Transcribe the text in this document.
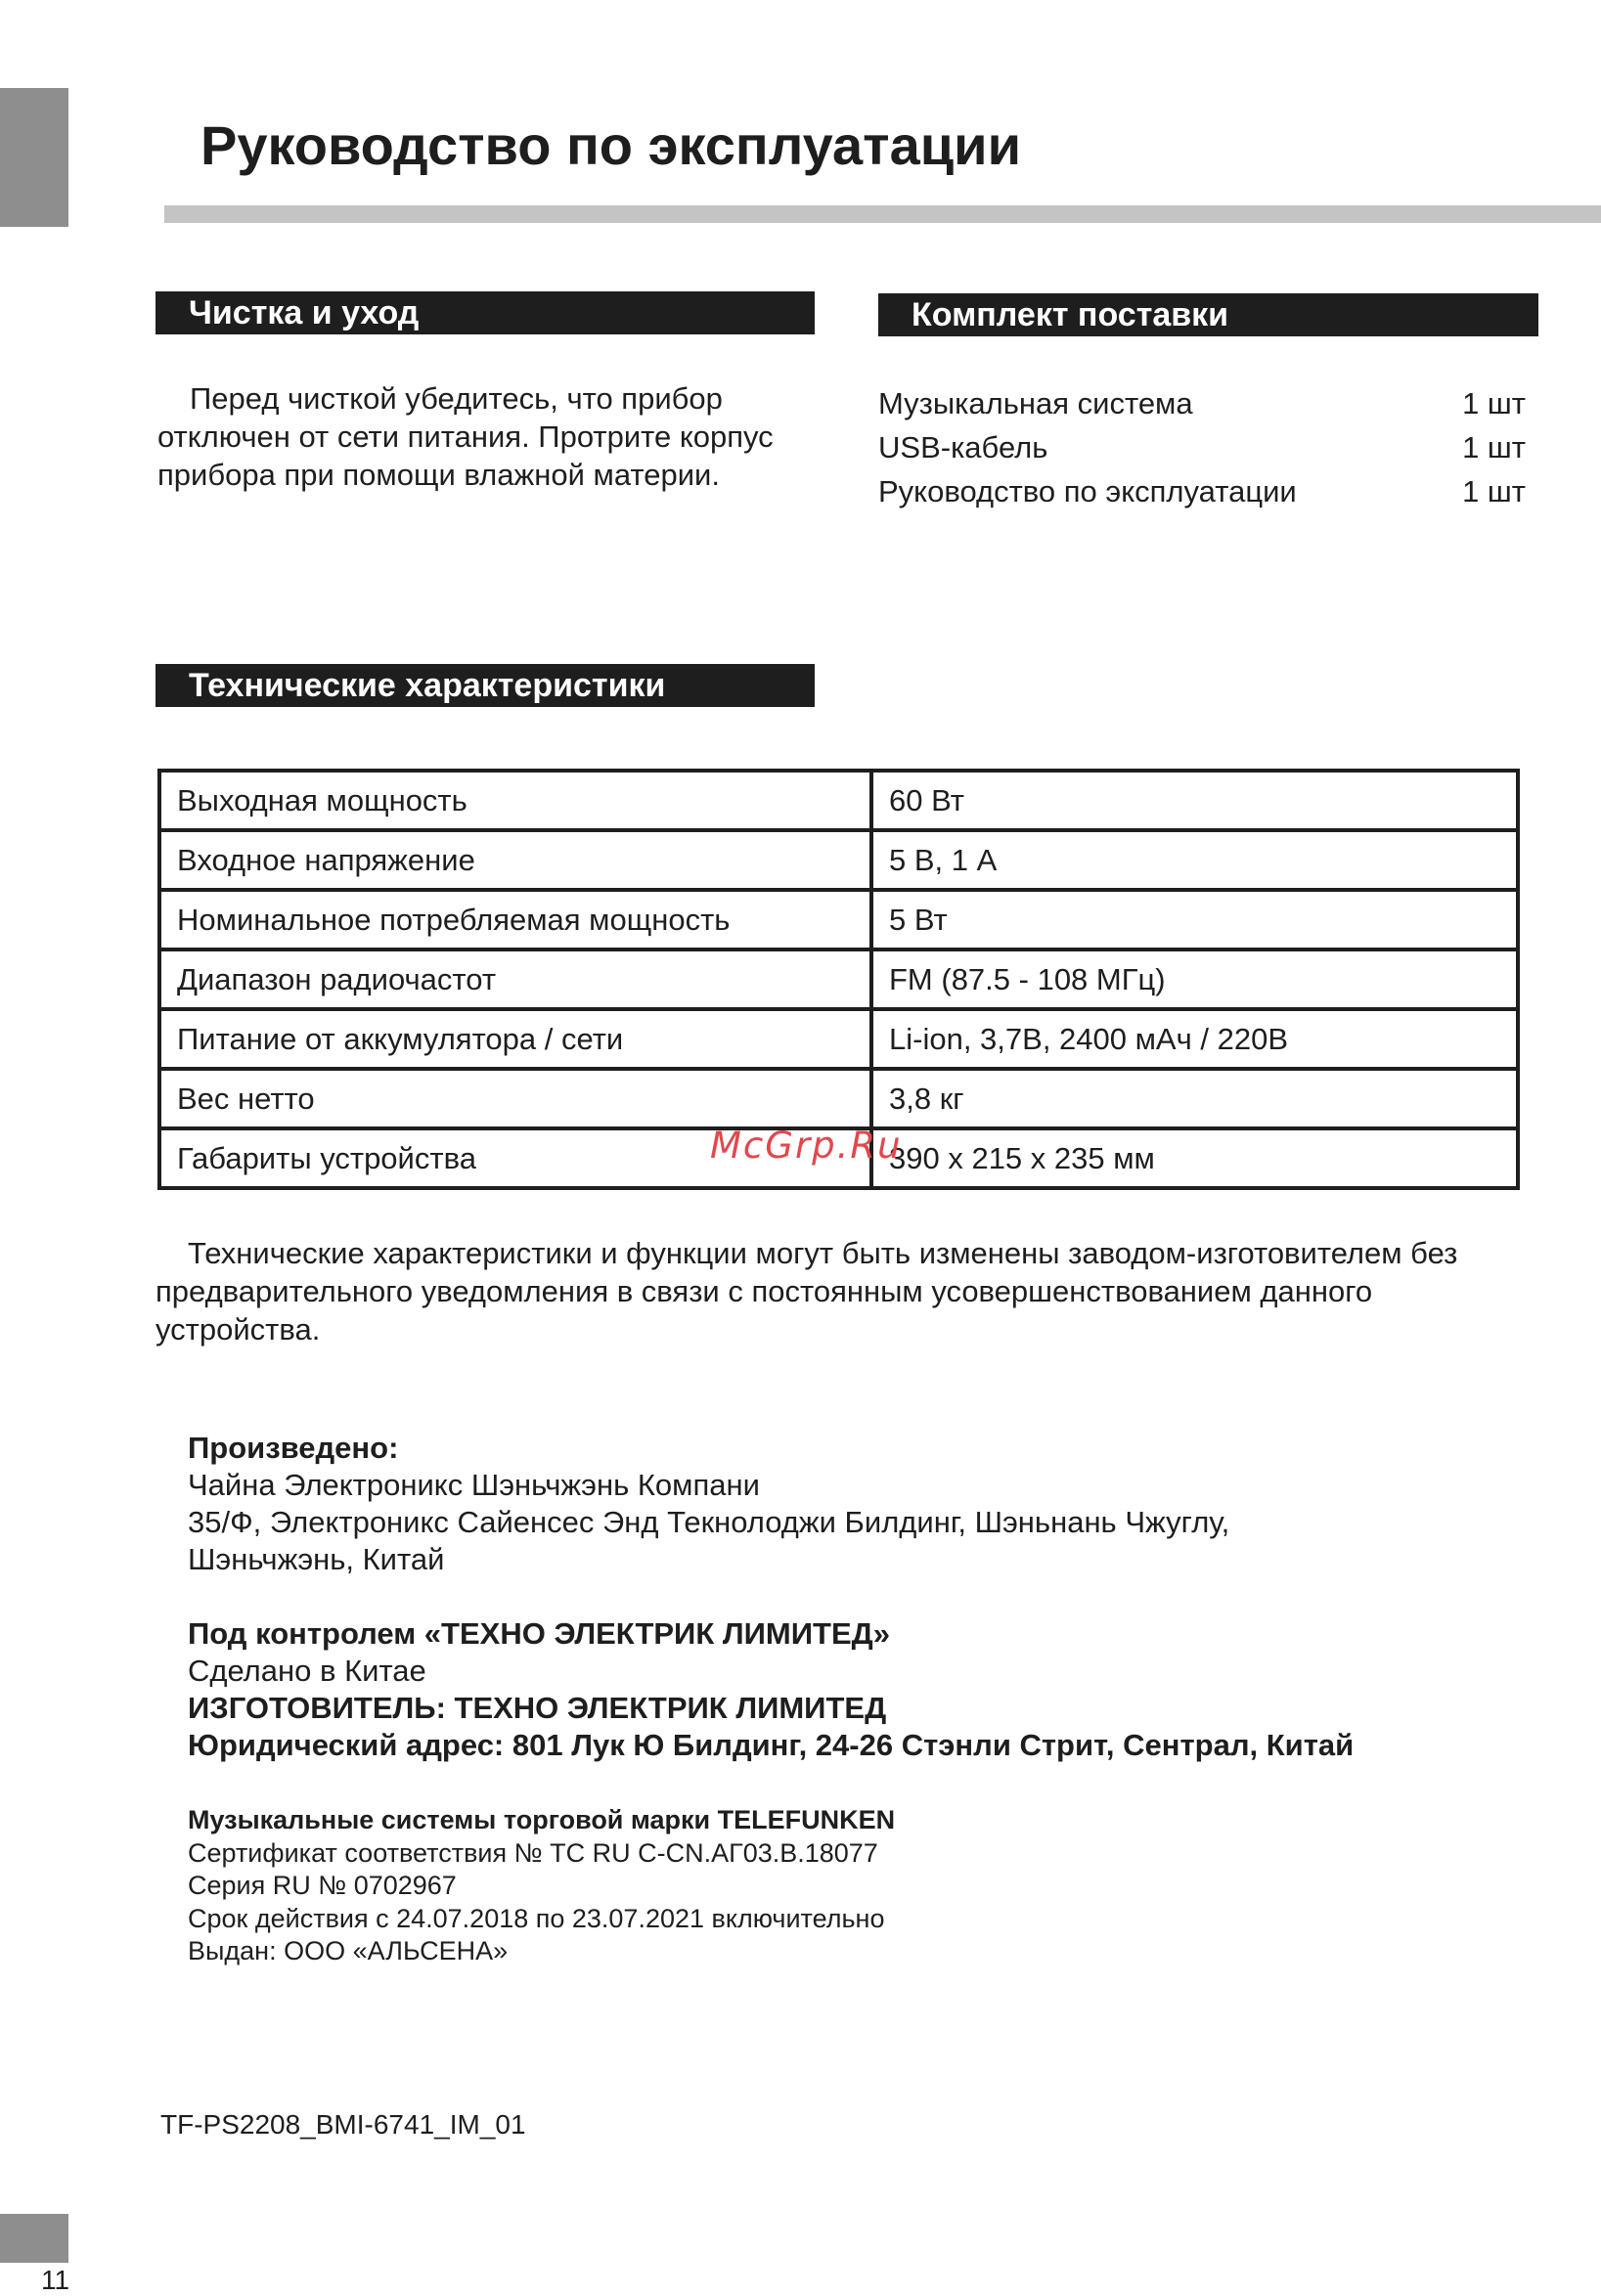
Руководство по эксплуатации
Чистка и уход

Перед чисткой убедитесь, что прибор отключен от сети питания. Протрите корпус прибора при помощи влажной материи.

Комплект поставки
Музыкальная система	1 шт
USB-кабель	1 шт
Руководство по эксплуатации	1 шт
Технические характеристики
Выходная мощность	60 Вт
Входное напряжение	5 В, 1 А
Номинальное потребляемая мощность	5 Вт
Диапазон радиочастот	FM (87.5 - 108 МГц)
Питание от аккумулятора / сети	Li-ion, 3,7В, 2400 мАч / 220В
Вес нетто	3,8 кг
Габариты устройства	390 x 215 x 235 мм
McGrp.Ru

Технические характеристики и функции могут быть изменены заводом-изготовителем без предварительного уведомления в связи с постоянным усовершенствованием данного устройства.

Произведено:
Чайна Электроникс Шэньчжэнь Компани
35/Ф, Электроникс Сайенсес Энд Текнолоджи Билдинг, Шэньнань Чжуглу,
Шэньчжэнь, Китай
Под контролем «ТЕХНО ЭЛЕКТРИК ЛИМИТЕД»
Сделано в Китае
ИЗГОТОВИТЕЛЬ: ТЕХНО ЭЛЕКТРИК ЛИМИТЕД
Юридический адрес: 801 Лук Ю Билдинг, 24-26 Стэнли Стрит, Сентрал, Китай
Музыкальные системы торговой марки TELEFUNKEN
Сертификат соответствия № ТС RU С-CN.АГ03.В.18077
Серия RU № 0702967
Срок действия с 24.07.2018 по 23.07.2021 включительно
Выдан: ООО «АЛЬСЕНА»
TF-PS2208_BMI-6741_IM_01
11
